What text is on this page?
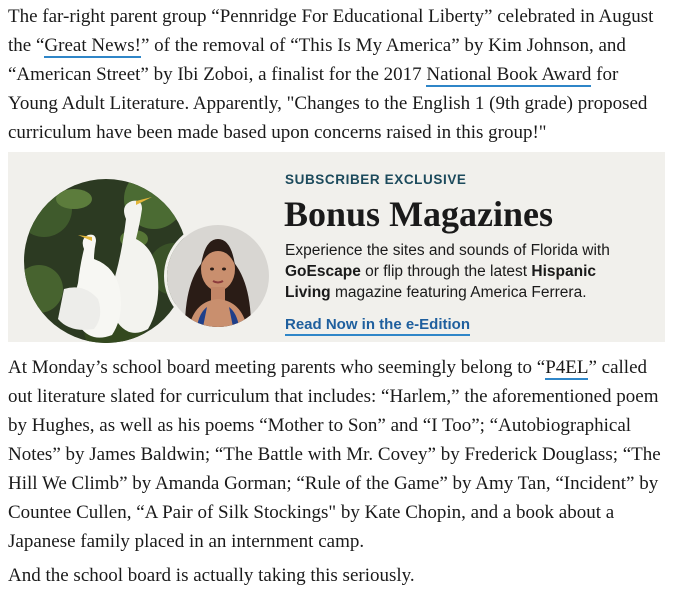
The far-right parent group “Pennridge For Educational Liberty” celebrated in August the “Great News!” of the removal of “This Is My America” by Kim Johnson, and “American Street” by Ibi Zoboi, a finalist for the 2017 National Book Award for Young Adult Literature. Apparently, "Changes to the English 1 (9th grade) proposed curriculum have been made based upon concerns raised in this group!"

SUBSCRIBER EXCLUSIVE
Bonus Magazines

Experience the sites and sounds of Florida with GoEscape or flip through the latest Hispanic Living magazine featuring America Ferrera.

Read Now in the e-Edition

At Monday’s school board meeting parents who seemingly belong to “P4EL” called out literature slated for curriculum that includes: “Harlem,” the aforementioned poem by Hughes, as well as his poems “Mother to Son” and “I Too”; “Autobiographical Notes” by James Baldwin; “The Battle with Mr. Covey” by Frederick Douglass; “The Hill We Climb” by Amanda Gorman; “Rule of the Game” by Amy Tan, “Incident” by Countee Cullen, “A Pair of Silk Stockings" by Kate Chopin, and a book about a Japanese family placed in an internment camp.

And the school board is actually taking this seriously.
